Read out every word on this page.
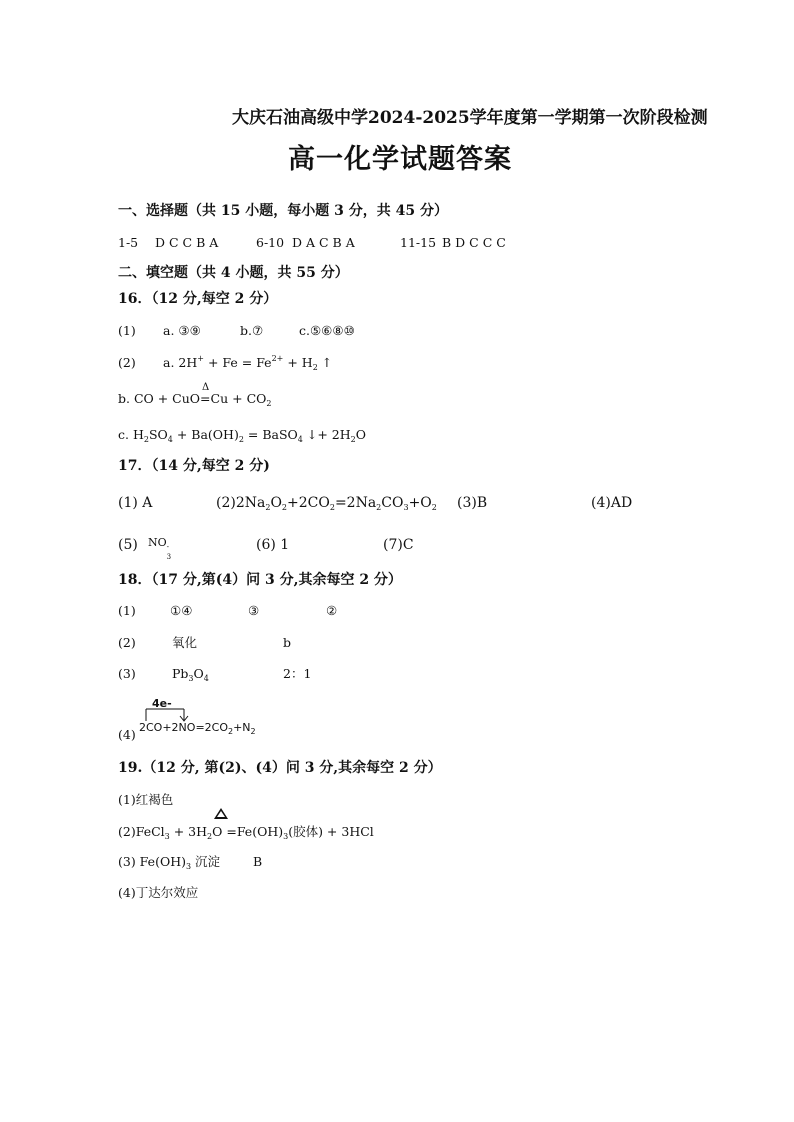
大庆石油高级中学2024-2025学年度第一学期第一次阶段检测
高一化学试题答案
一、选择题（共 15 小题，每小题 3 分，共 45 分）
1-5 D C C B A	6-10 D A C B A	11-15 B D C C C
二、填空题（共 4 小题，共 55 分）
16．（12 分,每空 2 分）
(1) a. ③⑨	b.⑦	c.⑤⑥⑧⑩
(2) a. $2H^+ + Fe = Fe^{2+} + H_2$ ↑
b. CO + CuO
Δ
$=Cu + CO_2$
c. $H_2SO_4 + Ba(OH)_2$ = BaSO$_4$ ↓+ $2H_2O$
17．（14 分,每空 2 分)
(1) A	$(2)2Na_2O_2+2CO_2=2Na_2CO_3+O_2$ (3)B	(4)AD
(5) NO -
3
(6) 1	(7)C
18．（17 分,第(4）问 3 分,其余每空 2 分）
(1)	①④	③	②
(2)	氧化	b
(3)	$Pb_3O_4$	2：1
4e-
(4) $2CO+2NO=2CO_2+N_2$
19.（12 分, 第(2)、(4）问 3 分,其余每空 2 分）
(1)红褐色
(2)FeCl$_3$ + $3H_2O =Fe(OH)_3$(胶体) + 3HCl
(3) $Fe(OH)_3$ 沉淀	B
(4)丁达尔效应
